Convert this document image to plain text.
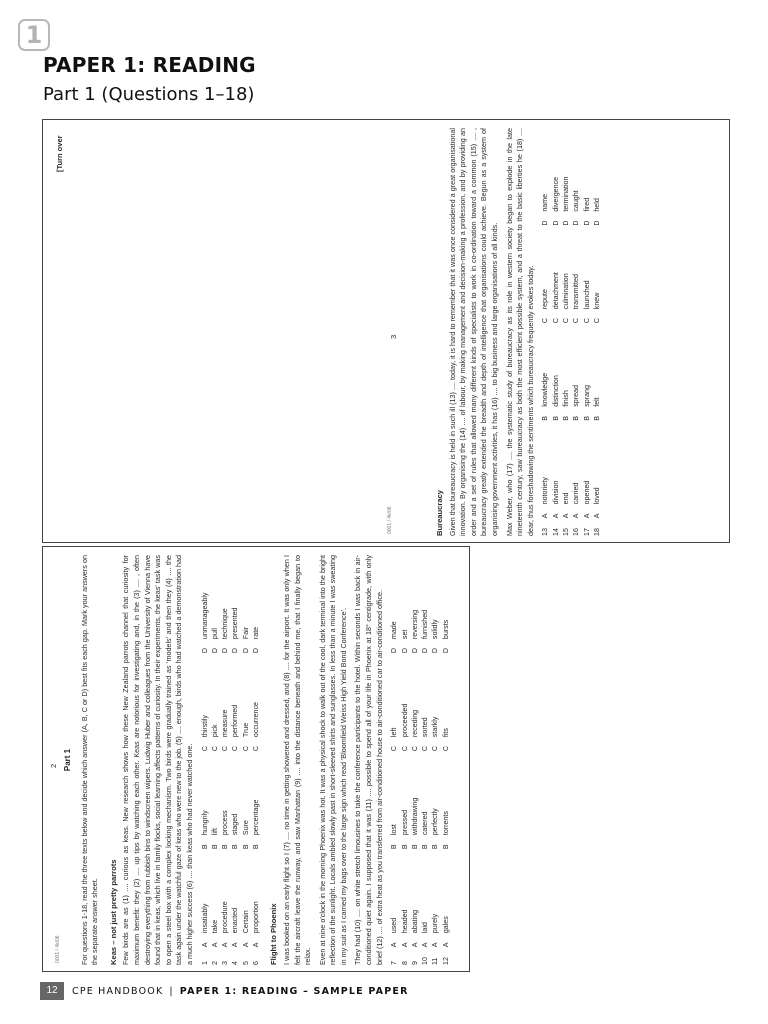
1
PAPER 1: READING
Part 1 (Questions 1–18)
3
[Turn over
0001 / 4k/06	Bureaucracy Given that bureaucracy is held in such ill (13) .... today, it is hard to remember that it was once considered a great organisational innovation. By organising the (14) .... of labour, by making management and decision-making a profession, and by providing an order and a set of rules that allowed many different kinds of specialists to work in co-ordination toward a common (15) .... , bureaucracy greatly extended the breadth and depth of intelligence that organisations could achieve. Begun as a system of organising government activities, it has (16) .... to big business and large organisations of all kinds. Max Weber, who (17) .... the systematic study of bureaucracy as its role in western society began to explode in the late nineteenth century, saw bureaucracy as both the most efficient possible system, and a threat to the basic liberties he (18) .... dear, thus foreshadowing the sentiments which bureaucracy frequently evokes today. 13	A	notoriety	B	knowledge	C	repute	D	name
14	A	division	B	distinction	C	detachment	D	divergence
15	A	end	B	finish	C	culmination	D	termination
16	A	carried	B	spread	C	transmitted	D	caught
17	A	opened	B	sprang	C	launched	D	fired
18	A	loved	B	felt	C	knew	D	held
2
0001 / 4k/06
Part 1 For questions 1-18, read the three texts below and decide which answer (A, B, C or D) best fits each gap. Mark your answers on the separate answer sheet. Keas – not just pretty parrots Few birds are as (1) .... curious as keas. New research shows how these New Zealand parrots channel that curiosity for maximum benefit: they (2) .... up tips by watching each other. Keas are notorious for investigating and, in the (3) .... , often destroying everything from rubbish bins to windscreen wipers. Ludwig Huber and colleagues from the University of Vienna have found that in keas, which live in family flocks, social learning affects patterns of curiosity. In their experiments, the keas' task was to open a steel box with a complex locking mechanism. Two birds were gradually trained as 'models' and then they (4) .... the task again under the watchful gaze of keas who were new to the job. (5) .... enough, birds who had watched a demonstration had a much higher success (6) .... than keas who had never watched one. 1	A	insatiably	B	hungrily	C	thirstily	D	unmanageably
2	A	take	B	lift	C	pick	D	pull
3	A	procedure	B	process	C	measure	D	technique
4	A	enacted	B	staged	C	performed	D	presented
5	A	Certain	B	Sure	C	True	D	Fair
6	A	proportion	B	percentage	C	occurrence	D	rate
Flight to Phoenix I was booked on an early flight so I (7) .... no time in getting showered and dressed, and (8) .... for the airport. It was only when I felt the aircraft leave the runway, and saw Manhattan (9) .... into the distance beneath and behind me, that I finally began to relax. Even at nine o'clock in the morning Phoenix was hot. It was a physical shock to walk out of the cool, dark terminal into the bright reflection of the sunlight. Locals ambled slowly past in short-sleeved shirts and sunglasses. In less than a minute I was sweating in my suit as I carried my bags over to the large sign which read 'Bloomfield Weiss High Yield Bond Conference'. They had (10) .... on white stretch limousines to take the conference participants to the hotel. Within seconds I was back in air-conditioned quiet again. I supposed that it was (11) .... possible to spend all of your life in Phoenix at 18° centigrade, with only brief (12) .... of extra heat as you transferred from air-conditioned house to air-conditioned car to air-conditioned office. 7	A	used	B	lost	C	left	D	made
8	A	headed	B	pressed	C	proceeded	D	set
9	A	abating	B	withdrawing	C	receding	D	reversing
10	A	laid	B	catered	C	sorted	D	furnished
11	A	purely	B	perfectly	C	starkly	D	solidly
12	A	gales	B	torrents	C	fits	D	bursts
12	CPE HANDBOOK | PAPER 1: READING – SAMPLE PAPER
